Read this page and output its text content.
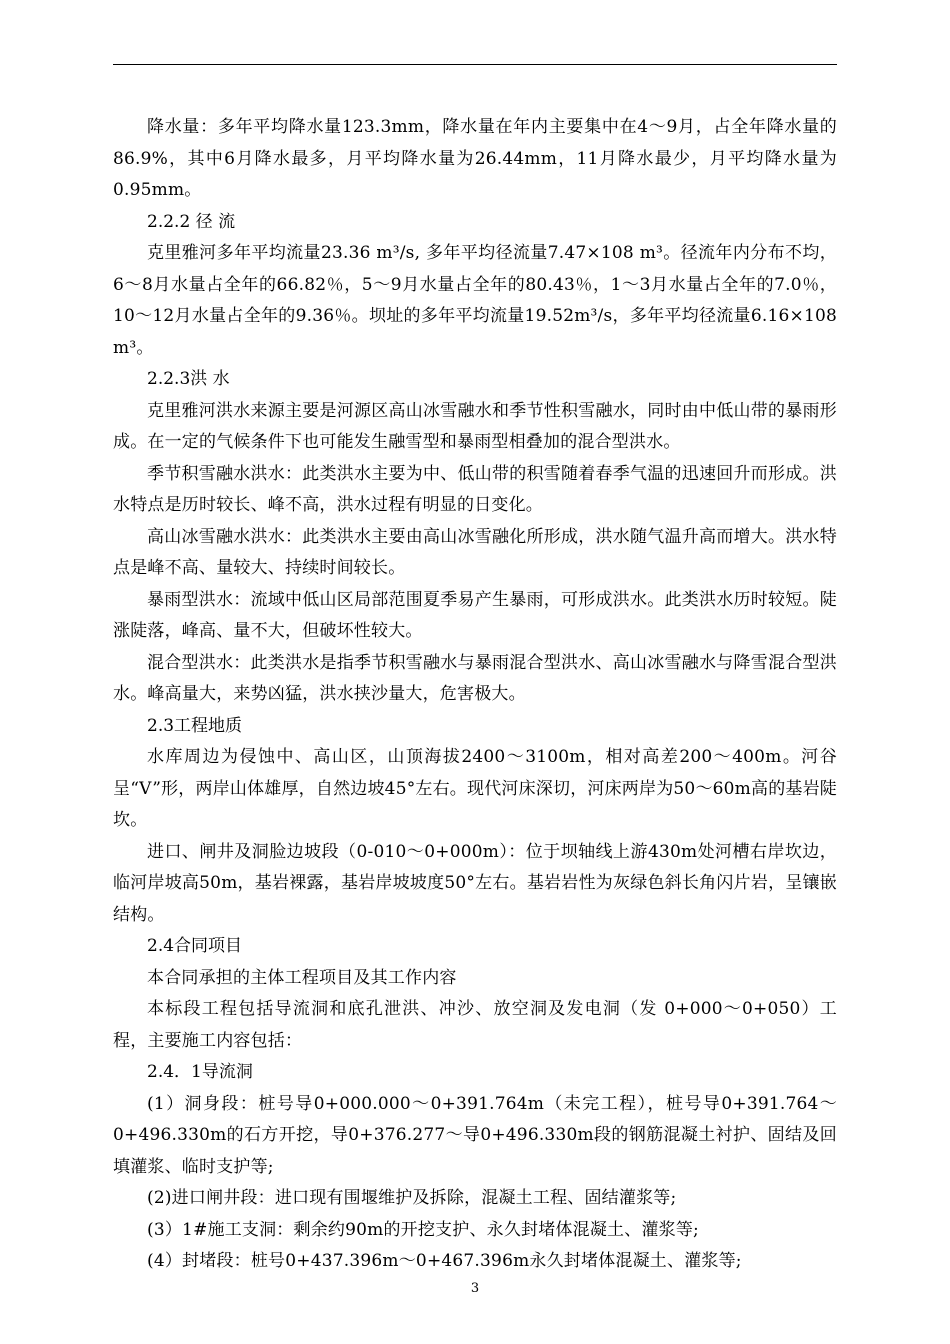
降水量：多年平均降水量123.3mm，降水量在年内主要集中在4～9月，占全年降水量的86.9%，其中6月降水最多，月平均降水量为26.44mm，11月降水最少，月平均降水量为0.95mm。

2.2.2 径 流

克里雅河多年平均流量23.36 m³/s, 多年平均径流量7.47×108 m³。径流年内分布不均，6～8月水量占全年的66.82％，5～9月水量占全年的80.43％，1～3月水量占全年的7.0％，10～12月水量占全年的9.36％。坝址的多年平均流量19.52m³/s，多年平均径流量6.16×108 m³。

2.2.3洪 水

克里雅河洪水来源主要是河源区高山冰雪融水和季节性积雪融水，同时由中低山带的暴雨形成。在一定的气候条件下也可能发生融雪型和暴雨型相叠加的混合型洪水。

季节积雪融水洪水：此类洪水主要为中、低山带的积雪随着春季气温的迅速回升而形成。洪水特点是历时较长、峰不高，洪水过程有明显的日变化。

高山冰雪融水洪水：此类洪水主要由高山冰雪融化所形成，洪水随气温升高而增大。洪水特点是峰不高、量较大、持续时间较长。

暴雨型洪水：流域中低山区局部范围夏季易产生暴雨，可形成洪水。此类洪水历时较短。陡涨陡落，峰高、量不大，但破坏性较大。

混合型洪水：此类洪水是指季节积雪融水与暴雨混合型洪水、高山冰雪融水与降雪混合型洪水。峰高量大，来势凶猛，洪水挟沙量大，危害极大。

2.3工程地质

水库周边为侵蚀中、高山区，山顶海拔2400～3100m，相对高差200～400m。河谷呈“V”形，两岸山体雄厚，自然边坡45°左右。现代河床深切，河床两岸为50～60m高的基岩陡坎。

进口、闸井及洞脸边坡段（0-010～0+000m）：位于坝轴线上游430m处河槽右岸坎边，临河岸坡高50m，基岩裸露，基岩岸坡坡度50°左右。基岩岩性为灰绿色斜长角闪片岩，呈镶嵌结构。

2.4合同项目

本合同承担的主体工程项目及其工作内容

本标段工程包括导流洞和底孔泄洪、冲沙、放空洞及发电洞（发 0+000～0+050）工程，主要施工内容包括：

2.4．1导流洞

(1）洞身段：桩号导0+000.000～0+391.764m（未完工程），桩号导0+391.764～0+496.330m的石方开挖，导0+376.277～导0+496.330m段的钢筋混凝土衬护、固结及回填灌浆、临时支护等;

(2)进口闸井段：进口现有围堰维护及拆除，混凝土工程、固结灌浆等;

(3）1#施工支洞：剩余约90m的开挖支护、永久封堵体混凝土、灌浆等;

(4）封堵段：桩号0+437.396m～0+467.396m永久封堵体混凝土、灌浆等;

3
